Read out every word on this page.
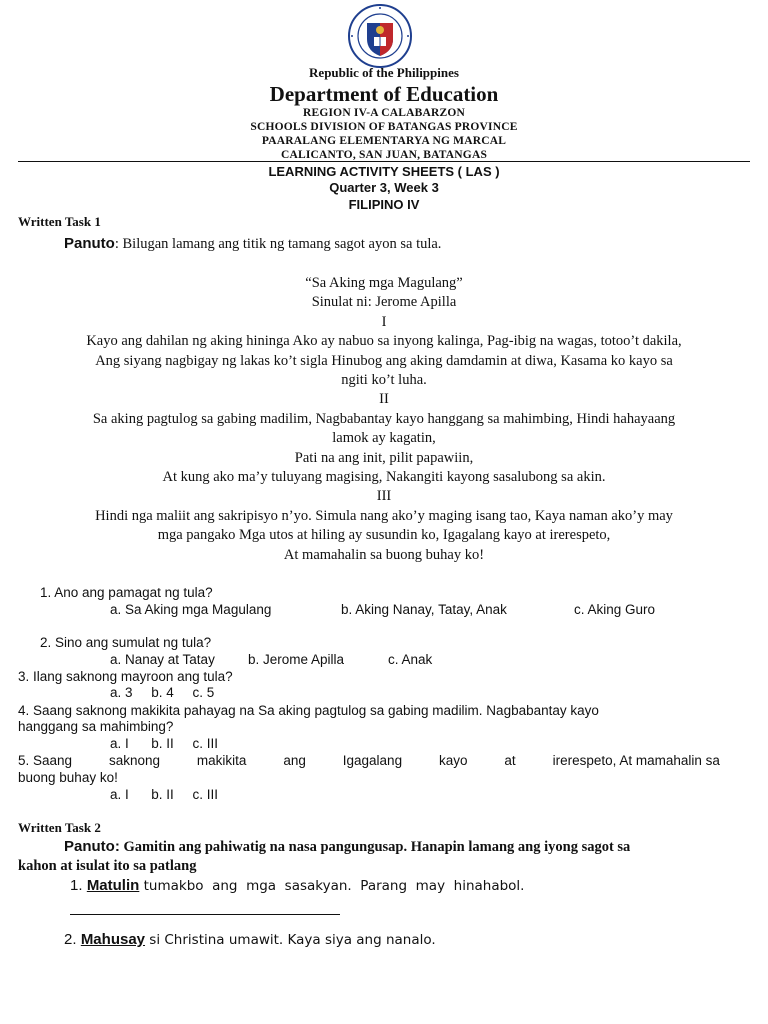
Republic of the Philippines
Department of Education
REGION IV-A CALABARZON
SCHOOLS DIVISION OF BATANGAS PROVINCE
PAARALANG ELEMENTARYA NG MARCAL
CALICANTO, SAN JUAN, BATANGAS
LEARNING ACTIVITY SHEETS ( LAS )
Quarter 3, Week 3
FILIPINO IV
Written Task 1
Panuto: Bilugan lamang ang titik ng tamang sagot ayon sa tula.
“Sa Aking mga Magulang”
Sinulat ni: Jerome Apilla
I
Kayo ang dahilan ng aking hininga Ako ay nabuo sa inyong kalinga, Pag-ibig na wagas, totoo’t dakila,
Ang siyang nagbigay ng lakas ko’t sigla Hinubog ang aking damdamin at diwa, Kasama ko kayo sa
ngiti ko’t luha.
II
Sa aking pagtulog sa gabing madilim, Nagbabantay kayo hanggang sa mahimbing, Hindi hahayaang
lamok ay kagatin,
Pati na ang init, pilit papawiin,
At kung ako ma’y tuluyang magising, Nakangiti kayong sasalubong sa akin.
III
Hindi nga maliit ang sakripisyo n’yo. Simula nang ako’y maging isang tao, Kaya naman ako’y may
mga pangako Mga utos at hiling ay susundin ko, Igagalang kayo at irerespeto,
At mamahalin sa buong buhay ko!
1. Ano ang pamagat ng tula?
a. Sa Aking mga Magulang	b. Aking Nanay, Tatay, Anak	c. Aking Guro
2. Sino ang sumulat ng tula?
a. Nanay at Tatay b. Jerome Apilla	c. Anak
3. Ilang saknong mayroon ang tula?
a. 3     b. 4     c. 5
4. Saang saknong makikita pahayag na Sa aking pagtulog sa gabing madilim. Nagbabantay kayo
hanggang sa mahimbing?
a. I      b. II     c. III
5. Saang	saknong	makikita	ang	Igagalang	kayo	at	irerespeto, At mamahalin sa
buong buhay ko!
a. I      b. II     c. III
Written Task 2
Panuto: Gamitin ang pahiwatig na nasa pangungusap. Hanapin lamang ang iyong sagot sa
kahon at isulat ito sa patlang
1. Matulin tumakbo  ang  mga  sasakyan.  Parang  may  hinahabol.
2. Mahusay si Christina umawit. Kaya siya ang nanalo.
